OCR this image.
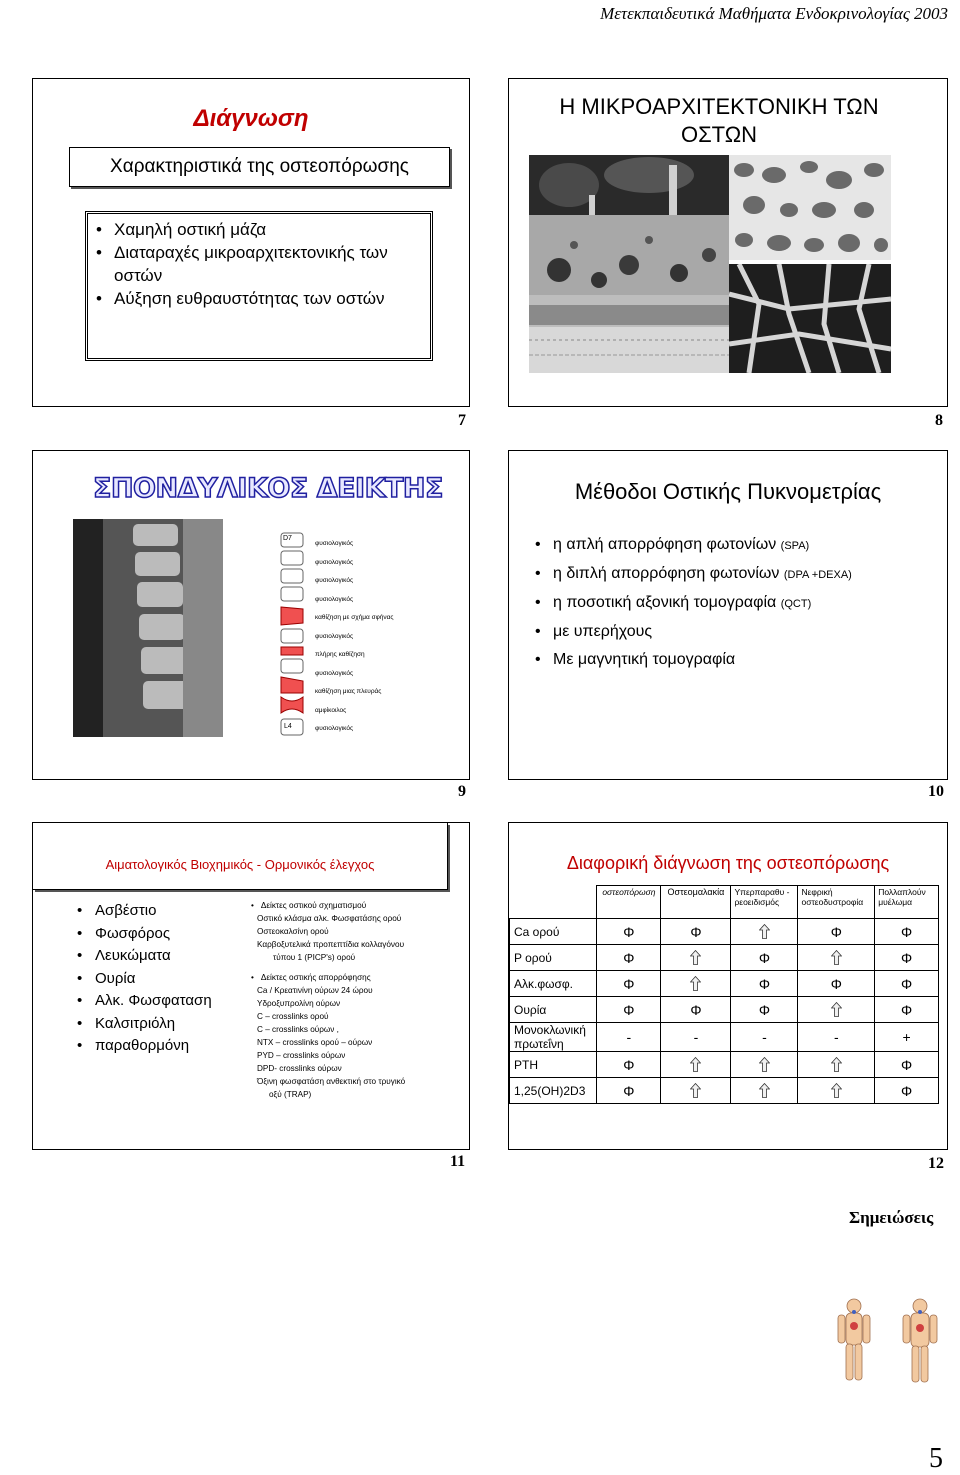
Μετεκπαιδευτικά Μαθήματα Ενδοκρινολογίας 2003
Διάγνωση
Χαρακτηριστικά της οστεοπόρωσης
• Χαμηλή οστική μάζα
• Διαταραχές μικροαρχιτεκτονικής των οστών
• Αύξηση ευθραυστότητας των οστών
7
Η ΜΙΚΡΟΑΡΧΙΤΕΚΤΟΝΙΚΗ ΤΩΝ ΟΣΤΩΝ
8
ΣΠΟΝΔΥΛΙΚΟΣ ΔΕΙΚΤΗΣ
D7
L4
φυσιολογικός
φυσιολογικός
φυσιολογικός
φυσιολογικός
καθίζηση με σχήμα σφήνας
φυσιολογικός
πλήρης καθίζηση
φυσιολογικός
καθίζηση μιας πλευράς
αμφίκοιλος
φυσιολογικός
9
Μέθοδοι Οστικής Πυκνομετρίας
• η απλή απορρόφηση φωτονίων (SPA)
• η διπλή απορρόφηση φωτονίων (DPA +DEXA)
• η ποσοτική αξονική τομογραφία (QCT)
• με υπερήχους
• Με μαγνητική τομογραφία
10
Αιματολογικός Βιοχημικός - Ορμονικός έλεγχος
• Ασβέστιο
• Φωσφόρος
• Λευκώματα
• Ουρία
• Αλκ. Φωσφαταση
• Καλσιτριόλη
• παραθορμόνη
• Δείκτες οστικού σχηματισμού
Οστικό κλάσμα αλκ. Φωσφατάσης ορού
Οστεοκαλσίνη ορού
Καρβοξυτελικά προπεπτίδια κολλαγόνου
τύπου 1 (PICP's) ορού
• Δείκτες οστικής απορρόφησης
Ca / Κρεατινίνη ούρων 24 ώρου
Υδροξυπρολίνη ούρων
C – crosslinks ορού
C – crosslinks ούρων ,
NTX – crosslinks ορού – ούρων
PYD – crosslinks ούρων
DPD- crosslinks ούρων
Όξινη φωσφατάση ανθεκτική στο τρυγικό
οξύ (TRAP)
11
Διαφορική διάγνωση της οστεοπόρωσης
	οστεοπόρωση	Οστεομαλακία	Υπερπαραθυ - ρεοειδισμός	Νεφρική οστεοδυστροφία	Πολλαπλούν μυέλωμα
Ca ορού	Φ	Φ		Φ	Φ
P ορού	Φ		Φ		Φ
Αλκ.φωσφ.	Φ		Φ	Φ	Φ
Ουρία	Φ	Φ	Φ		Φ
Μονοκλωνική πρωτεΐνη	-	-	-	-	+
PTH	Φ				Φ
1,25(OH)2D3	Φ				Φ
12
Σημειώσεις
5
